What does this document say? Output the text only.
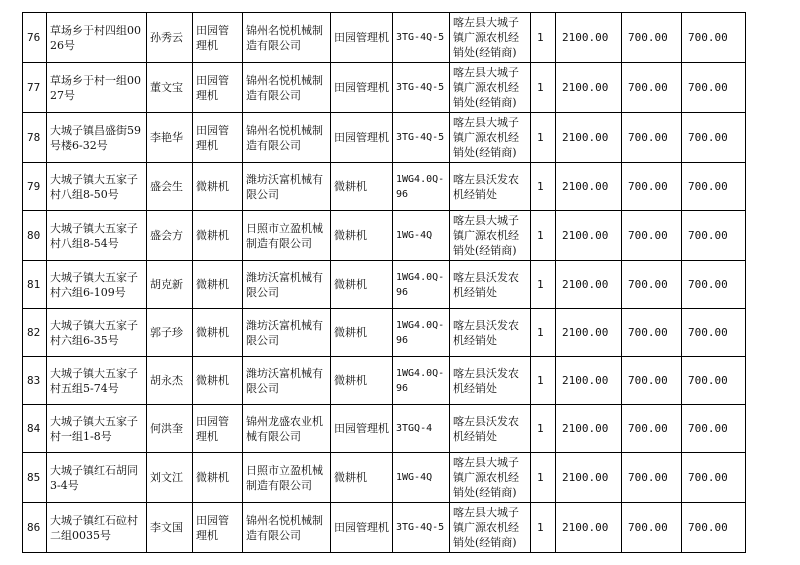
76	草场乡于村四组0026号	孙秀云	田园管理机	锦州名悦机械制造有限公司	田园管理机	3TG-4Q-5	喀左县大城子镇广源农机经销处(经销商)	1	2100.00	700.00	700.00
77	草场乡于村一组0027号	董文宝	田园管理机	锦州名悦机械制造有限公司	田园管理机	3TG-4Q-5	喀左县大城子镇广源农机经销处(经销商)	1	2100.00	700.00	700.00
78	大城子镇昌盛街59号楼6-32号	李艳华	田园管理机	锦州名悦机械制造有限公司	田园管理机	3TG-4Q-5	喀左县大城子镇广源农机经销处(经销商)	1	2100.00	700.00	700.00
79	大城子镇大五家子村八组8-50号	盛会生	微耕机	潍坊沃富机械有限公司	微耕机	1WG4.0Q-96	喀左县沃发农机经销处	1	2100.00	700.00	700.00
80	大城子镇大五家子村八组8-54号	盛会方	微耕机	日照市立盈机械制造有限公司	微耕机	1WG-4Q	喀左县大城子镇广源农机经销处(经销商)	1	2100.00	700.00	700.00
81	大城子镇大五家子村六组6-109号	胡克新	微耕机	潍坊沃富机械有限公司	微耕机	1WG4.0Q-96	喀左县沃发农机经销处	1	2100.00	700.00	700.00
82	大城子镇大五家子村六组6-35号	郭子珍	微耕机	潍坊沃富机械有限公司	微耕机	1WG4.0Q-96	喀左县沃发农机经销处	1	2100.00	700.00	700.00
83	大城子镇大五家子村五组5-74号	胡永杰	微耕机	潍坊沃富机械有限公司	微耕机	1WG4.0Q-96	喀左县沃发农机经销处	1	2100.00	700.00	700.00
84	大城子镇大五家子村一组1-8号	何洪奎	田园管理机	锦州龙盛农业机械有限公司	田园管理机	3TGQ-4	喀左县沃发农机经销处	1	2100.00	700.00	700.00
85	大城子镇红石胡同3-4号	刘文江	微耕机	日照市立盈机械制造有限公司	微耕机	1WG-4Q	喀左县大城子镇广源农机经销处(经销商)	1	2100.00	700.00	700.00
86	大城子镇红石砬村二组0035号	李文国	田园管理机	锦州名悦机械制造有限公司	田园管理机	3TG-4Q-5	喀左县大城子镇广源农机经销处(经销商)	1	2100.00	700.00	700.00
